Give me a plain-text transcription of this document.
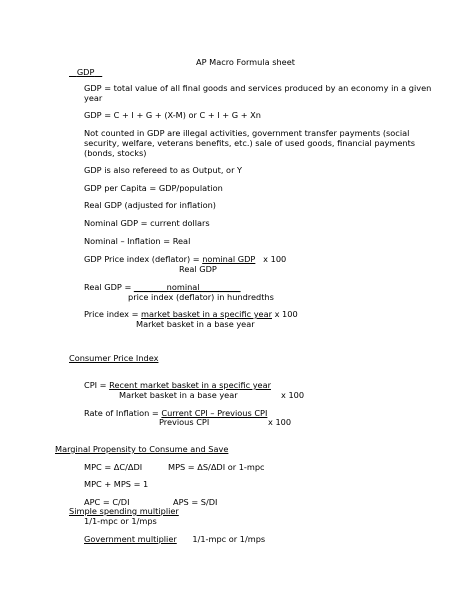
AP Macro Formula sheet
GDP
GDP = total value of all final goods and services produced by an economy in a given
year
GDP = C + I + G + (X-M) or C + I + G + Xn
Not counted in GDP are illegal activities, government transfer payments (social
security, welfare, veterans benefits, etc.) sale of used goods, financial payments
(bonds, stocks)
GDP is also refereed to as Output, or Y
GDP per Capita = GDP/population
Real GDP (adjusted for inflation)
Nominal GDP = current dollars
Nominal – Inflation = Real
GDP Price index (deflator) = nominal GDP x 100
Real GDP
Real GDP = ________nominal__________
price index (deflator) in hundredths
Price index = market basket in a specific year x 100
Market basket in a base year
Consumer Price Index
CPI = Recent market basket in a specific year
Market basket in a base year	x 100
Rate of Inflation = Current CPI – Previous CPI
Previous CPI	x 100
Marginal Propensity to Consume and Save
MPC = ΔC/ΔDI	MPS = ΔS/ΔDI or 1-mpc
MPC + MPS = 1
APC = C/DI	APS = S/DI
Simple spending multiplier
1/1-mpc or 1/mps
Government multiplier 1/1-mpc or 1/mps
